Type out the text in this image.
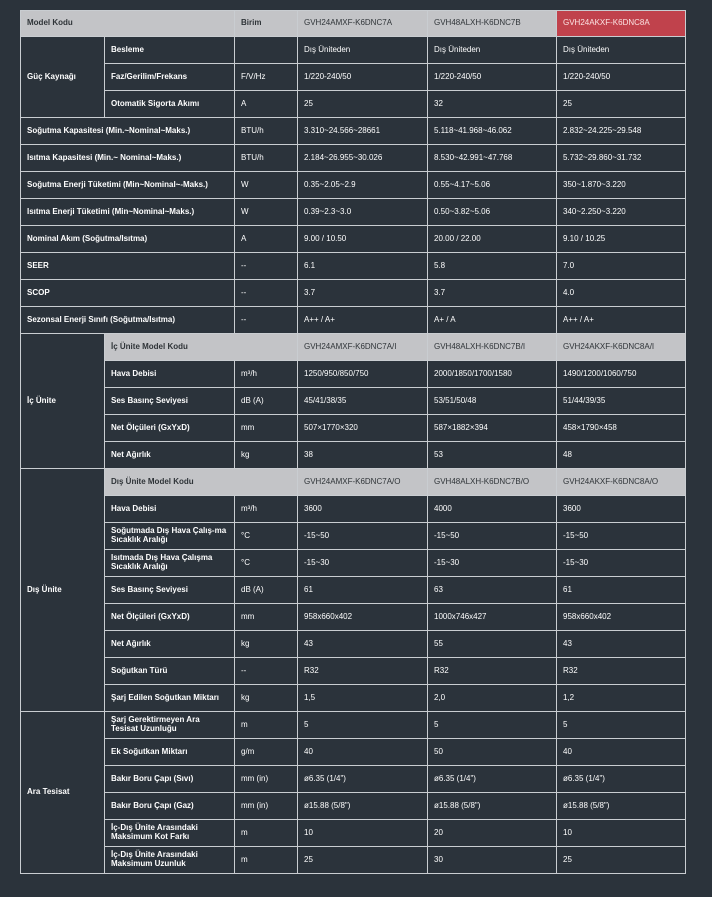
Model Kodu		Birim	GVH24AMXF-K6DNC7A	GVH48ALXH-K6DNC7B	GVH24AKXF-K6DNC8A
Güç Kaynağı	Besleme		Dış Üniteden	Dış Üniteden	Dış Üniteden
	Faz/Gerilim/Frekans	F/V/Hz	1/220-240/50	1/220-240/50	1/220-240/50
	Otomatik Sigorta Akımı	A	25	32	25
Soğutma Kapasitesi (Min.~Nominal~Maks.)		BTU/h	3.310~24.566~28661	5.118~41.968~46.062	2.832~24.225~29.548
Isıtma Kapasitesi (Min.~ Nominal~Maks.)		BTU/h	2.184~26.955~30.026	8.530~42.991~47.768	5.732~29.860~31.732
Soğutma Enerji Tüketimi (Min~Nominal~-Maks.)		W	0.35~2.05~2.9	0.55~4.17~5.06	350~1.870~3.220
Isıtma Enerji Tüketimi (Min~Nominal~Maks.)		W	0.39~2.3~3.0	0.50~3.82~5.06	340~2.250~3.220
Nominal Akım (Soğutma/Isıtma)		A	9.00 / 10.50	20.00 / 22.00	9.10 / 10.25
SEER		--	6.1	5.8	7.0
SCOP		--	3.7	3.7	4.0
Sezonsal Enerji Sınıfı (Soğutma/Isıtma)		--	A++ / A+	A+ / A	A++ / A+
İç Ünite	İç Ünite Model Kodu		GVH24AMXF-K6DNC7A/I	GVH48ALXH-K6DNC7B/I	GVH24AKXF-K6DNC8A/I
	Hava Debisi	m³/h	1250/950/850/750	2000/1850/1700/1580	1490/1200/1060/750
	Ses Basınç Seviyesi	dB (A)	45/41/38/35	53/51/50/48	51/44/39/35
	Net Ölçüleri (GxYxD)	mm	507×1770×320	587×1882×394	458×1790×458
	Net Ağırlık	kg	38	53	48
Dış Ünite	Dış Ünite Model Kodu		GVH24AMXF-K6DNC7A/O	GVH48ALXH-K6DNC7B/O	GVH24AKXF-K6DNC8A/O
	Hava Debisi	m³/h	3600	4000	3600
	Soğutmada Dış Hava Çalış-ma Sıcaklık Aralığı	°C	-15~50	-15~50	-15~50
	Isıtmada Dış Hava Çalışma Sıcaklık Aralığı	°C	-15~30	-15~30	-15~30
	Ses Basınç Seviyesi	dB (A)	61	63	61
	Net Ölçüleri (GxYxD)	mm	958x660x402	1000x746x427	958x660x402
	Net Ağırlık	kg	43	55	43
	Soğutkan Türü	--	R32	R32	R32
	Şarj Edilen Soğutkan Miktarı	kg	1,5	2,0	1,2
Ara Tesisat	Şarj Gerektirmeyen Ara Tesisat Uzunluğu	m	5	5	5
	Ek Soğutkan Miktarı	g/m	40	50	40
	Bakır Boru Çapı (Sıvı)	mm (in)	ø6.35 (1/4")	ø6.35 (1/4")	ø6.35 (1/4")
	Bakır Boru Çapı (Gaz)	mm (in)	ø15.88 (5/8")	ø15.88 (5/8")	ø15.88 (5/8")
	İç-Dış Ünite Arasındaki Maksimum Kot Farkı	m	10	20	10
	İç-Dış Ünite Arasındaki Maksimum Uzunluk	m	25	30	25
